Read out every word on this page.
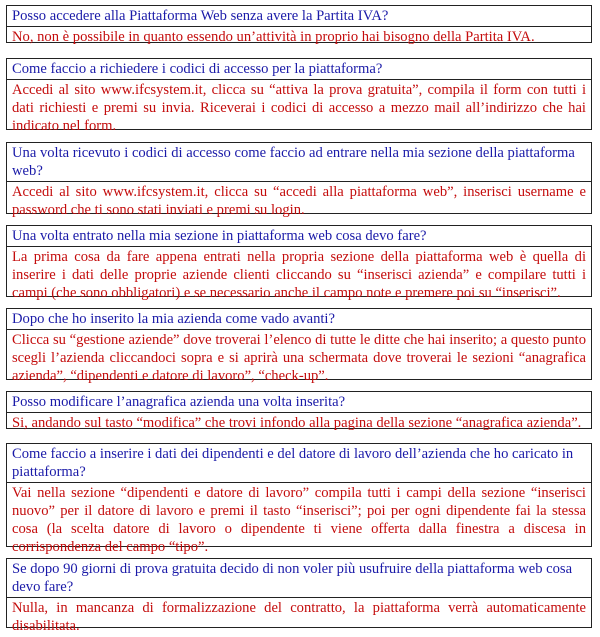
Posso accedere alla Piattaforma Web senza avere la Partita IVA?
No, non è possibile in quanto essendo un’attività in proprio hai bisogno della Partita IVA.
Come faccio a richiedere i codici di accesso per la piattaforma?
Accedi al sito www.ifcsystem.it, clicca su “attiva la prova gratuita”, compila il form con tutti i dati richiesti e premi su invia. Riceverai i codici di accesso a mezzo mail all’indirizzo che hai indicato nel form.
Una volta ricevuto i codici di accesso come faccio ad entrare nella mia sezione della piattaforma web?
Accedi al sito www.ifcsystem.it, clicca su “accedi alla piattaforma web”, inserisci username e password che ti sono stati inviati e premi su login.
Una volta entrato nella mia sezione in piattaforma web cosa devo fare?
La prima cosa da fare appena entrati nella propria sezione della piattaforma web è quella di inserire i dati delle proprie aziende clienti cliccando su “inserisci azienda” e compilare tutti i campi (che sono obbligatori) e se necessario anche il campo note e premere poi su “inserisci”.
Dopo che ho inserito la mia azienda come vado avanti?
Clicca su “gestione aziende” dove troverai l’elenco di tutte le ditte che hai inserito; a questo punto scegli l’azienda cliccandoci sopra e si aprirà una schermata dove troverai le sezioni “anagrafica azienda”, “dipendenti e datore di lavoro”, “check-up”.
Posso modificare l’anagrafica azienda una volta inserita?
Si, andando sul tasto “modifica” che trovi infondo alla pagina della sezione “anagrafica azienda”.
Come faccio a inserire i dati dei dipendenti e del datore di lavoro dell’azienda che ho caricato in piattaforma?
Vai nella sezione “dipendenti e datore di lavoro” compila tutti i campi della sezione “inserisci nuovo” per il datore di lavoro e premi il tasto “inserisci”; poi per ogni dipendente fai la stessa cosa (la scelta datore di lavoro o dipendente ti viene offerta dalla finestra a discesa in corrispondenza del campo “tipo”.
Se dopo 90 giorni di prova gratuita decido di non voler più usufruire della piattaforma web cosa devo fare?
Nulla, in mancanza di formalizzazione del contratto, la piattaforma verrà automaticamente disabilitata.
